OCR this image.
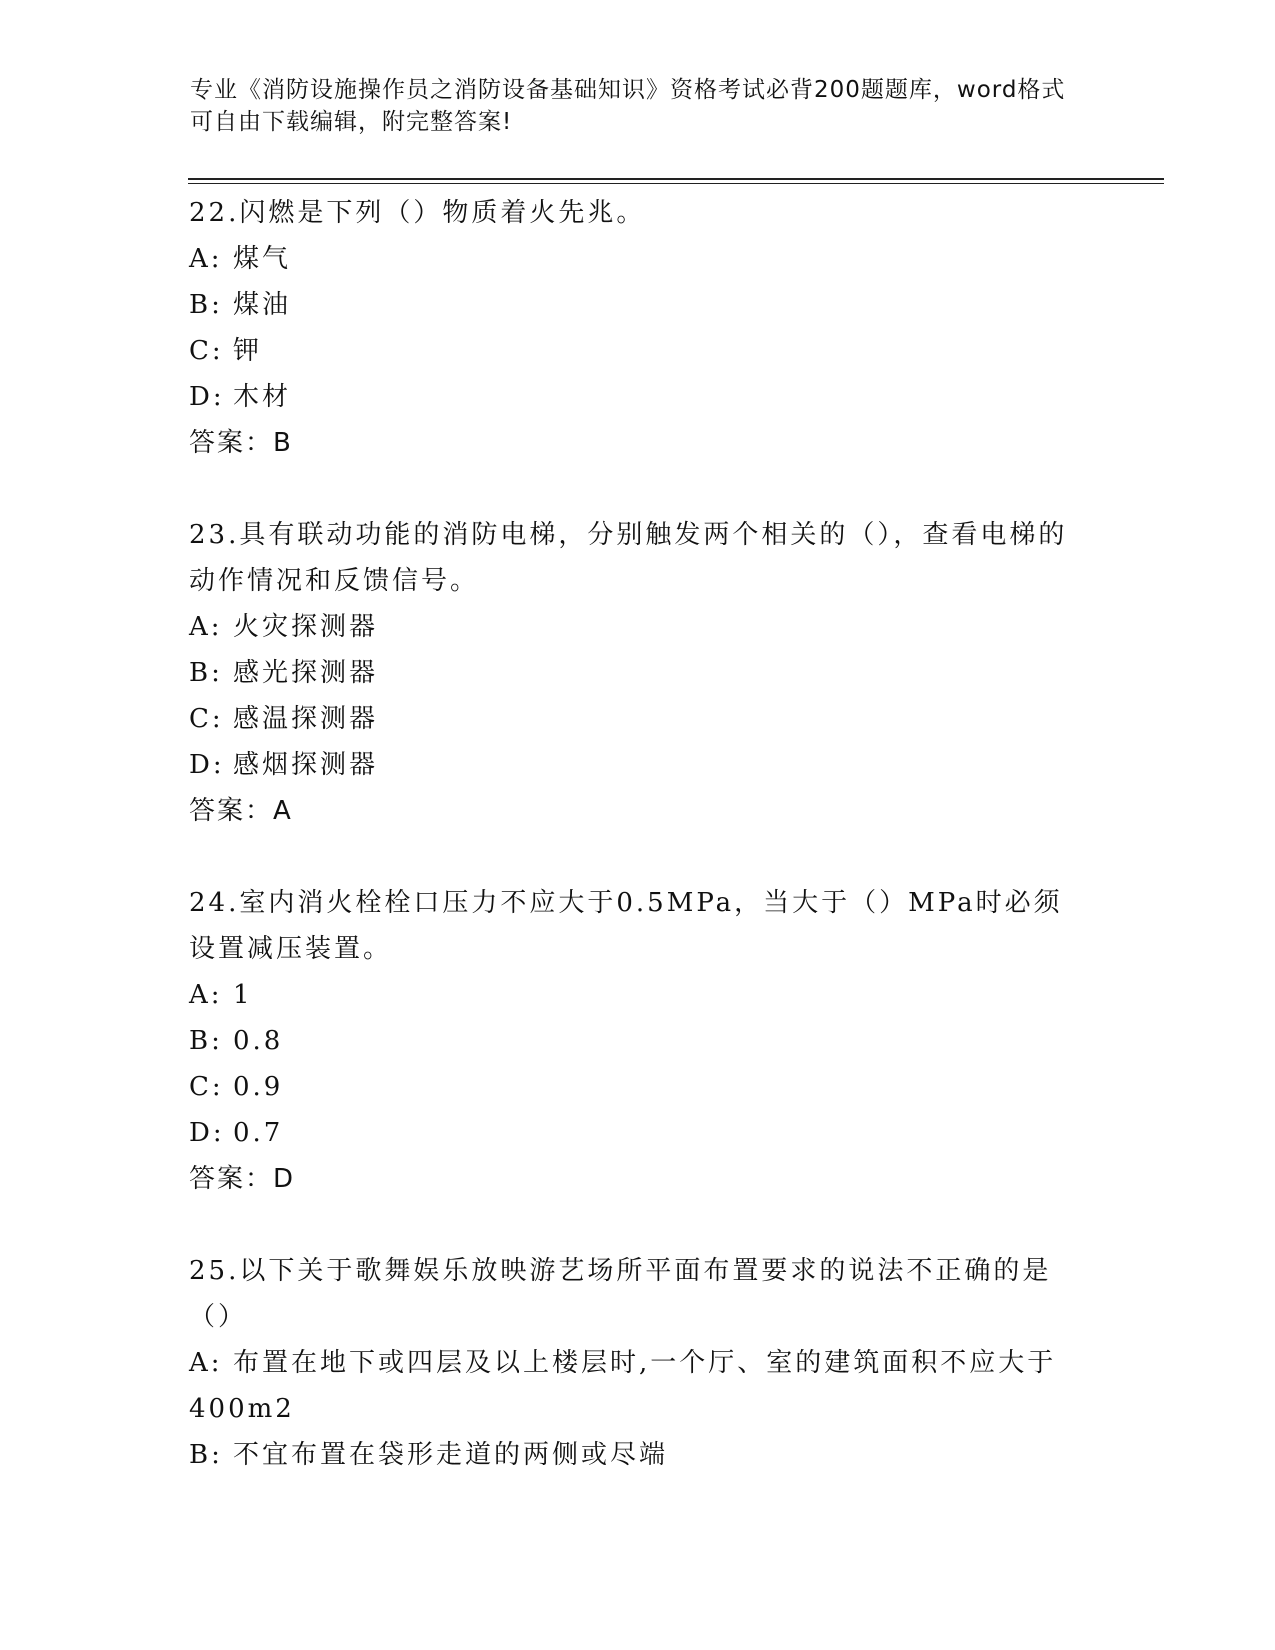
专业《消防设施操作员之消防设备基础知识》资格考试必背200题题库，word格式可自由下载编辑，附完整答案!

22.闪燃是下列（）物质着火先兆。

A: 煤气

B: 煤油

C: 钾

D: 木材

答案：B

23.具有联动功能的消防电梯，分别触发两个相关的（），查看电梯的动作情况和反馈信号。

A: 火灾探测器

B: 感光探测器

C: 感温探测器

D: 感烟探测器

答案：A

24.室内消火栓栓口压力不应大于0.5MPa，当大于（）MPa时必须设置减压装置。

A: 1

B: 0.8

C: 0.9

D: 0.7

答案：D

25.以下关于歌舞娱乐放映游艺场所平面布置要求的说法不正确的是（）

A: 布置在地下或四层及以上楼层时,一个厅、室的建筑面积不应大于400m2

B: 不宜布置在袋形走道的两侧或尽端
